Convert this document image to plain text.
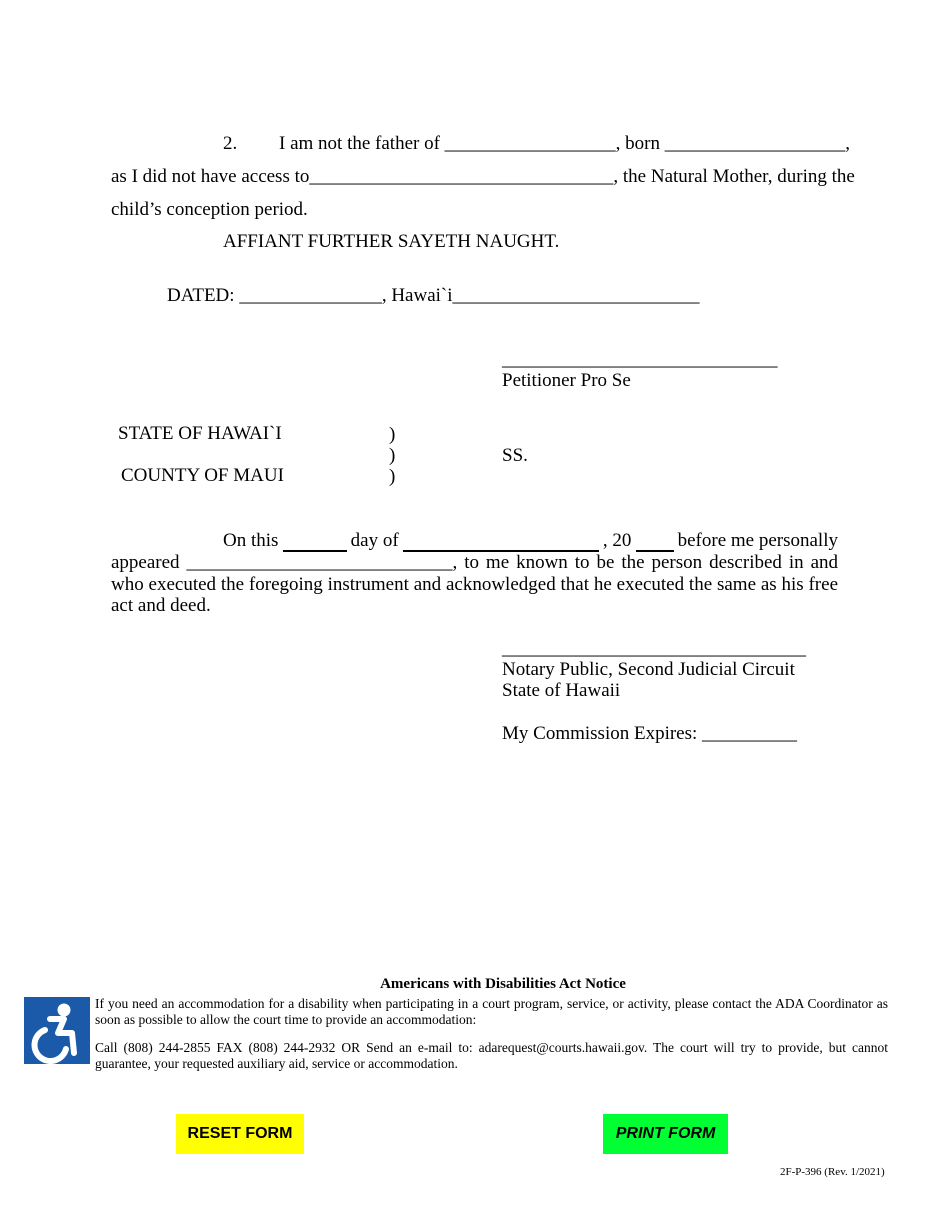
2. I am not the father of __________________, born ___________________,
as I did not have access to________________________________ , the Natural Mother, during the
child’s conception period.
AFFIANT FURTHER SAYETH NAUGHT.
DATED: _______________, Hawai`i__________________________
_____________________________
Petitioner Pro Se
STATE OF HAWAI`I
COUNTY OF MAUI
)
)
)
SS.
On this	day of	, 20 before me personally
appeared ____________________________, to me known to be the person described in and who executed the foregoing instrument and acknowledged that he executed the same as his free act and deed.
________________________________
Notary Public, Second Judicial Circuit
State of Hawaii
My Commission Expires: __________
Americans with Disabilities Act Notice
If you need an accommodation for a disability when participating in a court program, service, or activity, please contact the ADA Coordinator as soon as possible to allow the court time to provide an accommodation:
Call (808) 244-2855 FAX (808) 244-2932 OR Send an e-mail to: adarequest@courts.hawaii.gov. The court will try to provide, but cannot guarantee, your requested auxiliary aid, service or accommodation.
RESET FORM	PRINT FORM
2F-P-396 (Rev. 1/2021)
